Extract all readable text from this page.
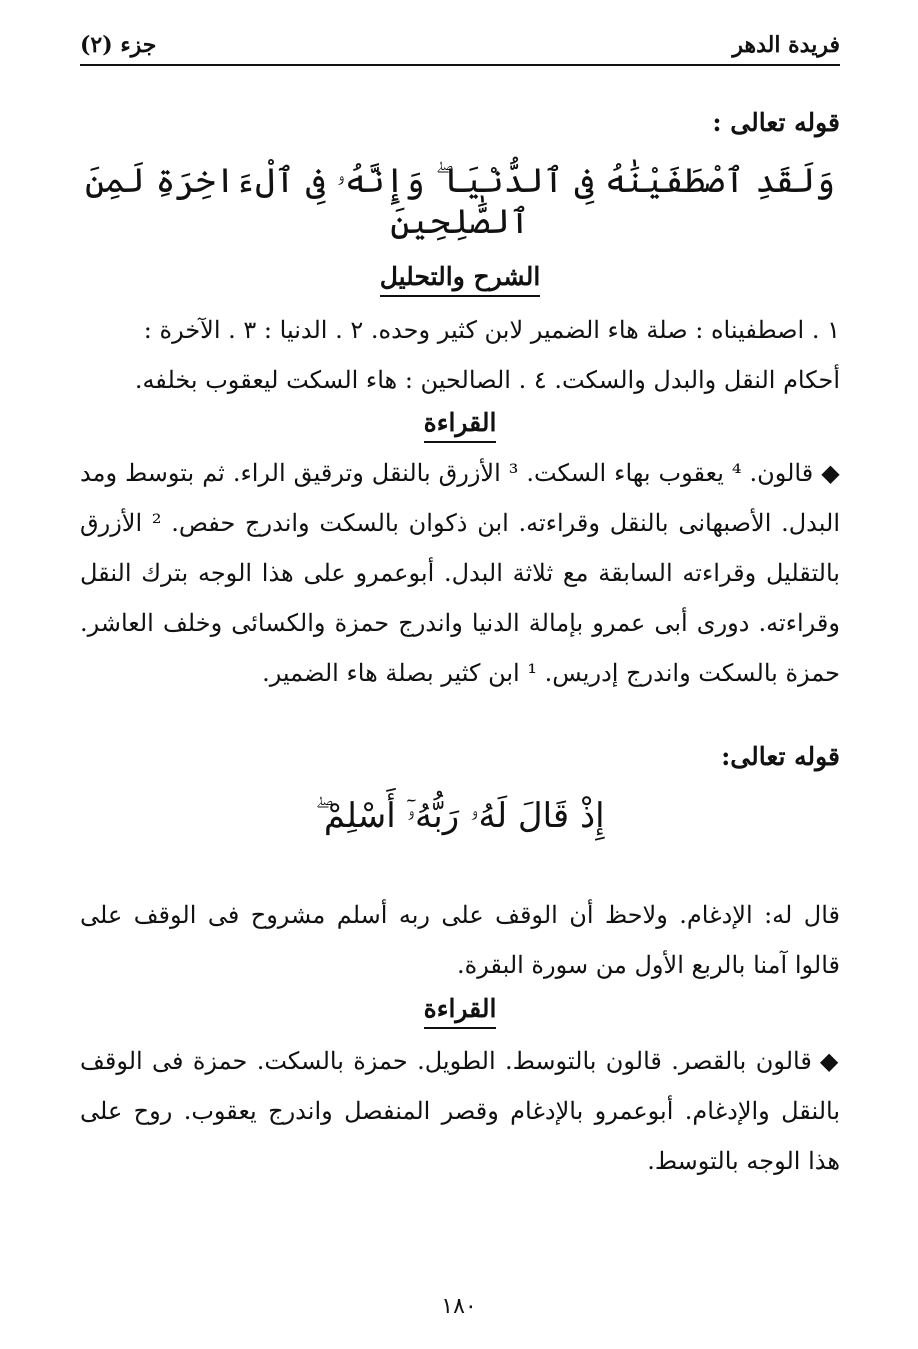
فريدة الدهر
جزء (٢)
قوله تعالى :
وَلَقَدِ ٱصْطَفَيْنَٰهُ فِى ٱلدُّنْيَا ۖ وَإِنَّهُۥ فِى ٱلْءَاخِرَةِ لَمِنَ ٱلصَّٰلِحِينَ
الشرح والتحليل
١ . اصطفيناه : صلة هاء الضمير لابن كثير وحده. ٢ . الدنيا : ٣ . الآخرة :
أحكام النقل والبدل والسكت. ٤ . الصالحين : هاء السكت ليعقوب بخلفه.
القراءة
◆قالون. ⁴ يعقوب بهاء السكت. ³ الأزرق بالنقل وترقيق الراء. ثم بتوسط ومد البدل. الأصبهانى بالنقل وقراءته. ابن ذكوان بالسكت واندرج حفص. ² الأزرق بالتقليل وقراءته السابقة مع ثلاثة البدل. أبوعمرو على هذا الوجه بترك النقل وقراءته. دورى أبى عمرو بإمالة الدنيا واندرج حمزة والكسائى وخلف العاشر. حمزة بالسكت واندرج إدريس. ¹ ابن كثير بصلة هاء الضمير.
قوله تعالى:
إِذْ قَالَ لَهُۥ رَبُّهُۥٓ أَسْلِمْ ۖ
قال له: الإدغام. ولاحظ أن الوقف على ربه أسلم مشروح فى الوقف على قالوا آمنا بالربع الأول من سورة البقرة.
القراءة
◆قالون بالقصر. قالون بالتوسط. الطويل. حمزة بالسكت. حمزة فى الوقف بالنقل والإدغام. أبوعمرو بالإدغام وقصر المنفصل واندرج يعقوب. روح على هذا الوجه بالتوسط.
١٨٠
